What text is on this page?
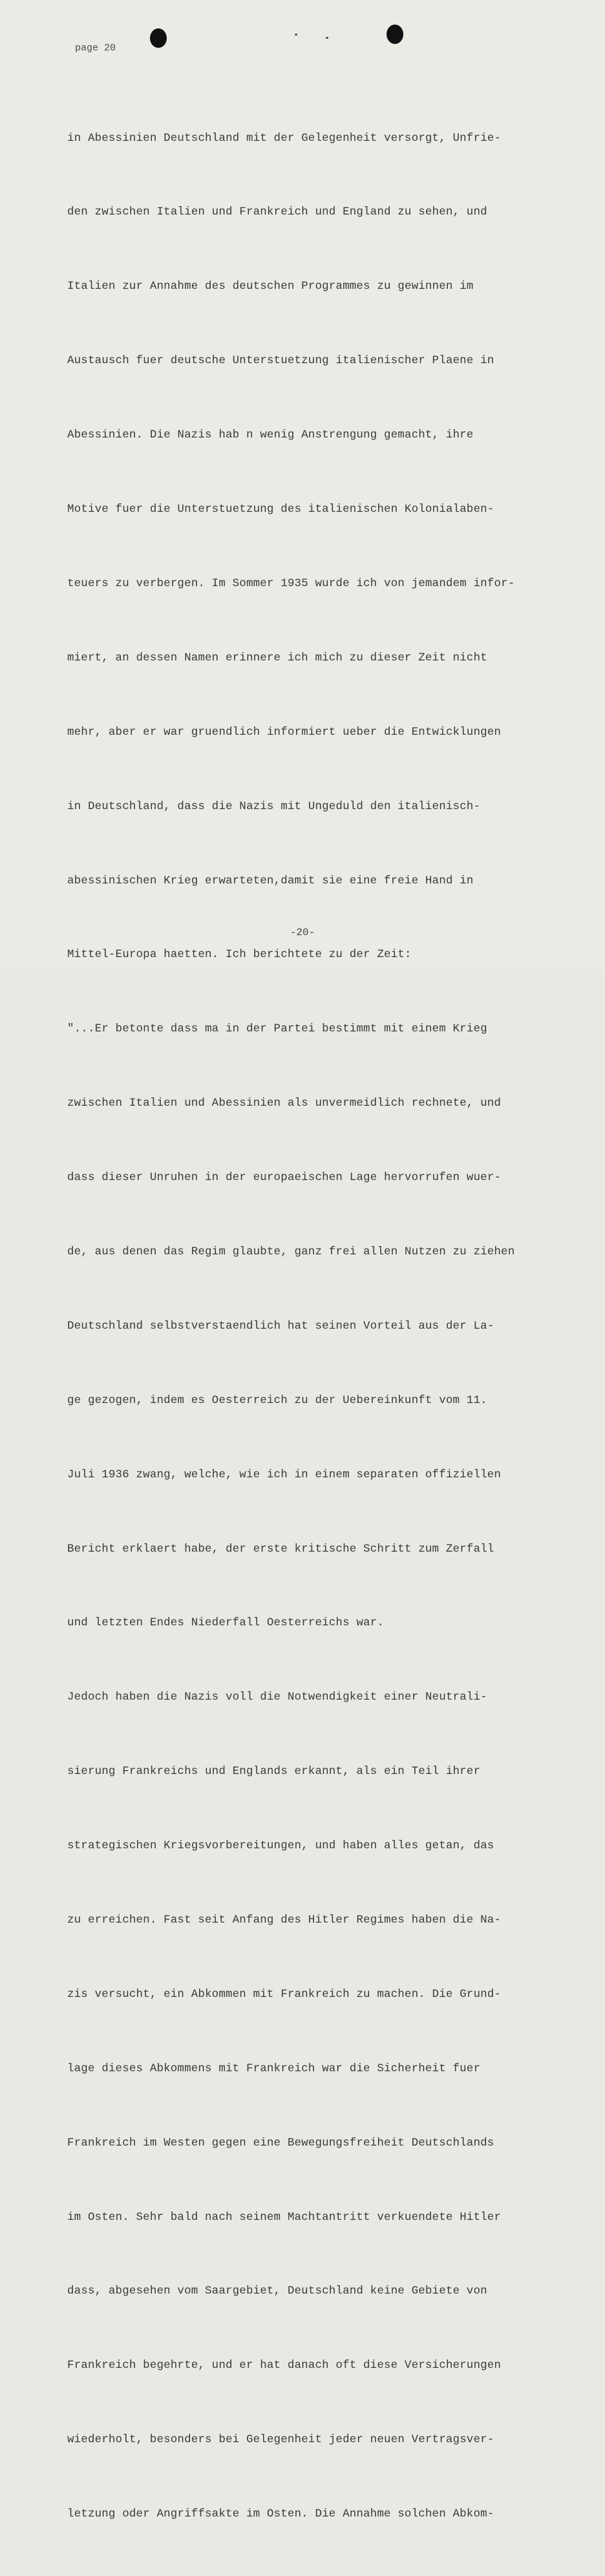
page 20

in Abessinien Deutschland mit der Gelegenheit versorgt, Unfrie-

den zwischen Italien und Frankreich und England zu sehen, und

Italien zur Annahme des deutschen Programmes zu gewinnen im

Austausch fuer deutsche Unterstuetzung italienischer Plaene in

Abessinien. Die Nazis hab n wenig Anstrengung gemacht, ihre

Motive fuer die Unterstuetzung des italienischen Kolonialaben-

teuers zu verbergen. Im Sommer 1935 wurde ich von jemandem infor-

miert, an dessen Namen erinnere ich mich zu dieser Zeit nicht

mehr, aber er war gruendlich informiert ueber die Entwicklungen

in Deutschland, dass die Nazis mit Ungeduld den italienisch-

abessinischen Krieg erwarteten,damit sie eine freie Hand in

Mittel-Europa haetten. Ich berichtete zu der Zeit:

"...Er betonte dass ma in der Partei bestimmt mit einem Krieg

zwischen Italien und Abessinien als unvermeidlich rechnete, und

dass dieser Unruhen in der europaeischen Lage hervorrufen wuer-

de, aus denen das Regim glaubte, ganz frei allen Nutzen zu ziehen

Deutschland selbstverstaendlich hat seinen Vorteil aus der La-

ge gezogen, indem es Oesterreich zu der Uebereinkunft vom 11.

Juli 1936 zwang, welche, wie ich in einem separaten offiziellen

Bericht erklaert habe, der erste kritische Schritt zum Zerfall

und letzten Endes Niederfall Oesterreichs war.

Jedoch haben die Nazis voll die Notwendigkeit einer Neutrali-

sierung Frankreichs und Englands erkannt, als ein Teil ihrer

strategischen Kriegsvorbereitungen, und haben alles getan, das

zu erreichen. Fast seit Anfang des Hitler Regimes haben die Na-

zis versucht, ein Abkommen mit Frankreich zu machen. Die Grund-

lage dieses Abkommens mit Frankreich war die Sicherheit fuer

Frankreich im Westen gegen eine Bewegungsfreiheit Deutschlands

im Osten. Sehr bald nach seinem Machtantritt verkuendete Hitler

dass, abgesehen vom Saargebiet, Deutschland keine Gebiete von

Frankreich begehrte, und er hat danach oft diese Versicherungen

wiederholt, besonders bei Gelegenheit jeder neuen Vertragsver-

letzung oder Angriffsakte im Osten. Die Annahme solchen Abkom-

-20-
